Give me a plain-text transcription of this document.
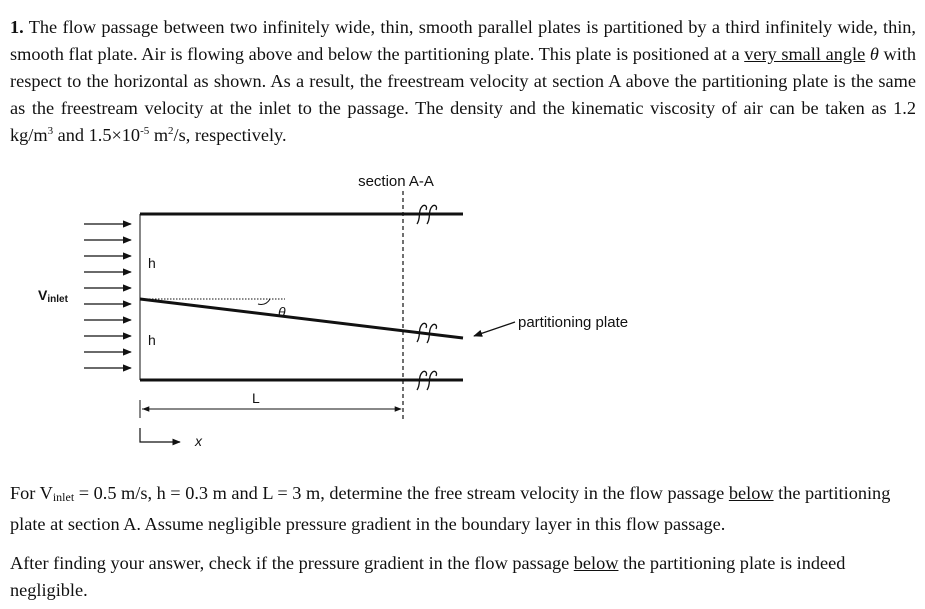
1. The flow passage between two infinitely wide, thin, smooth parallel plates is partitioned by a third infinitely wide, thin, smooth flat plate. Air is flowing above and below the partitioning plate. This plate is positioned at a very small angle θ with respect to the horizontal as shown. As a result, the freestream velocity at section A above the partitioning plate is the same as the freestream velocity at the inlet to the passage. The density and the kinematic viscosity of air can be taken as 1.2 $kg/m^3$ and $1.5\times 10^{-5}$ $m^2/s$, respectively.
section A-A
Vinlet
h
h
θ
partitioning plate
L
x
For $V_{inlet} = 0.5$ m/s, h = 0.3 m and L = 3 m, determine the free stream velocity in the flow passage below the partitioning plate at section A. Assume negligible pressure gradient in the boundary layer in this flow passage.
After finding your answer, check if the pressure gradient in the flow passage below the partitioning plate is indeed negligible.
